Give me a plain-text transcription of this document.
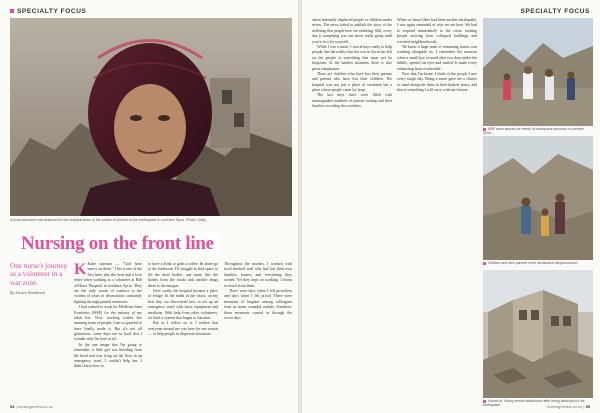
SPECIALTY FOCUS
A local volunteer has featured for the hospital team in the rubble of victims of the earthquake in northern Syria. Photo: Getty
Nursing on the front line
One nurse's journey as a volunteer in a war zone.
By Jessica Wandersal

K Katie yartsmu — "God have mercy on them". This is one of the first lines that she hear and a love letter when working as a volunteer at Bab al-Hawa Hospital in northern Syria. They are the only words of comfort to the victims of years of devastation, constantly fighting through painful memories.

I had wanted to work for Médecins Sans Frontières (MSF) for the entirety of my adult life. Now, working within this amazing team of people, I am so grateful to have finally made it. But it's not all glamorous, some days are so hard that I wonder why I'm here at all.

In the one image that I'm going to remember, a little girl was bleeding from the head and was lying on the floor in an emergency ward. I couldn't help her, I didn't know how to.

to have a drink or grab a coffee, let alone go to the bathroom. I'll struggle to find space to lift the dead bodies; one nurse lifts the bodies from the trucks and another drags them to the morgue.

Over weeks the hospital became a place of refuge. In the midst of the chaos, on my first day, we discovered how to set up an emergency ward with basic equipment and medicine. With help from other volunteers, we built a system that began to function.

But as I reflect on it, I realize that everyone around me was here for one reason — to help people in desperate situations.

Throughout the months, I worked with local medical staff who had lost their own families, homes and everything they owned. Yet they kept on working. I learnt so much from them.

There were days when I felt powerless and days when I felt proud. There were moments of laughter among colleagues even as sirens sounded outside. Somehow those moments carried us through the worst days.

54 | nursingreview.co.nz
SPECIALTY FOCUS

about internally displaced people or children under seven. The news failed to publish the story of the suffering that people here are enduring. Still, every day is something you can never really grasp until you're in it for yourself.

While I was a nurse, I was always ready to help people, but the reality that the war in Syria has left on the people is something that must not be forgotten. In the hardest moments there is also great compassion.

There are children who have lost their parents and parents who have lost their children. The hospital was not just a place of treatment but a place where people came for hope.

The last days there were filled with unimaginable numbers of patient waiting and their families crowding the corridors.

When we heard there had been another earthquake, I was again reminded of why we are here. We had to respond immediately to the crisis, treating people arriving from collapsed buildings and wrecked neighbourhoods.

We knew a huge team of remaining nurses was working alongside us. I remember the moment when a small boy, rescued after two days under the rubble, opened his eyes and smiled. It made every exhausting hour worthwhile.

Now that I'm home, I think of the people I met every single day. Being a nurse gave me a chance to stand alongside them in their darkest hours, and that is something I will carry with me forever.

MSF team assess the needs of earthquake survivors in northern Syria.
Children and their parents in the devastated neighbourhood.
Homes in Turkey remain abandoned after being destroyed in the earthquake.	nursingreview.co.nz | 55
